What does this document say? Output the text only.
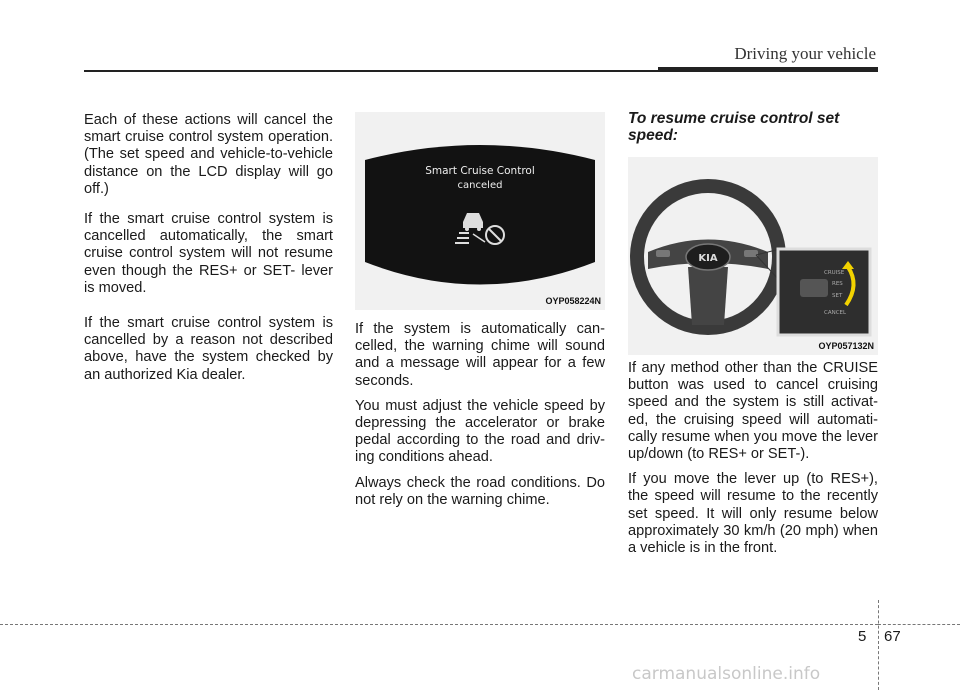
Driving your vehicle

Each of these actions will cancel the smart cruise control system operation. (The set speed and vehicle-to-vehicle distance on the LCD display will go off.)

If the smart cruise control system is cancelled automatically, the smart cruise control system will not resume even though the RES+ or SET- lever is moved.

If the smart cruise control system is cancelled by a reason not described above, have the system checked by an authorized Kia dealer.

Smart Cruise Control
canceled
OYP058224N

If the system is automatically can-celled, the warning chime will sound and a message will appear for a few seconds.

You must adjust the vehicle speed by depressing the accelerator or brake pedal according to the road and driv-ing conditions ahead.

Always check the road conditions. Do not rely on the warning chime.

To resume cruise control set speed:
KIA
CRUISE
RES
SET
CANCEL
OYP057132N

If any method other than the CRUISE button was used to cancel cruising speed and the system is still activat-ed, the cruising speed will automati-cally resume when you move the lever up/down (to RES+ or SET-).

If you move the lever up (to RES+), the speed will resume to the recently set speed. It will only resume below approximately 30 km/h (20 mph) when a vehicle is in the front.

5 67
carmanualsonline.info
